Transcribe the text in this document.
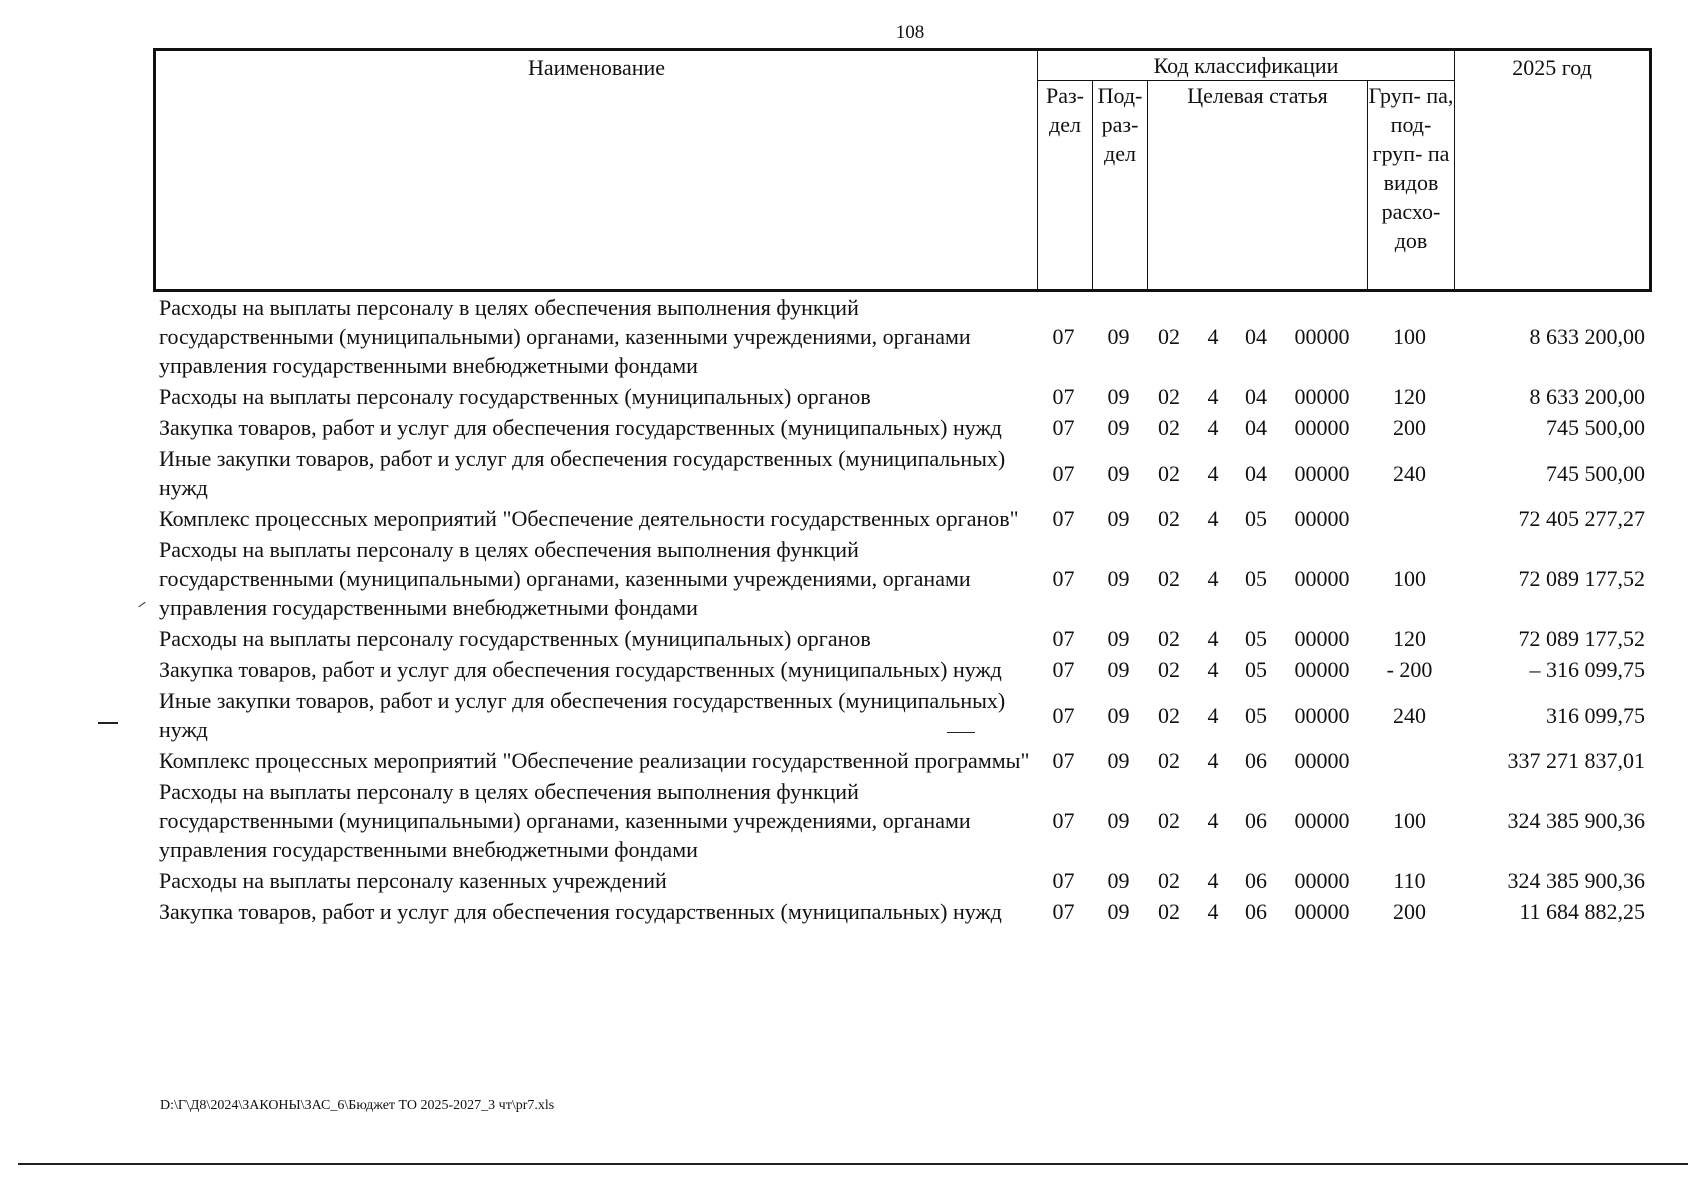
108
Наименование	Код классификации				2025 год
	Раз- дел	Под- раз- дел	Целевая статья	Груп- па, под- груп- па видов расхо- дов	
Расходы на выплаты персоналу в целях обеспечения выполнения функций государственными (муниципальными) органами, казенными учреждениями, органами управления государственными внебюджетными фондами	07	09	02	4	04	00000	100	8 633 200,00
Расходы на выплаты персоналу государственных (муниципальных) органов	07	09	02	4	04	00000	120	8 633 200,00
Закупка товаров, работ и услуг для обеспечения государственных (муниципальных) нужд	07	09	02	4	04	00000	200	745 500,00
Иные закупки товаров, работ и услуг для обеспечения государственных (муниципальных) нужд	07	09	02	4	04	00000	240	745 500,00
Комплекс процессных мероприятий "Обеспечение деятельности государственных органов"	07	09	02	4	05	00000		72 405 277,27
Расходы на выплаты персоналу в целях обеспечения выполнения функций государственными (муниципальными) органами, казенными учреждениями, органами управления государственными внебюджетными фондами	07	09	02	4	05	00000	100	72 089 177,52
Расходы на выплаты персоналу государственных (муниципальных) органов	07	09	02	4	05	00000	120	72 089 177,52
Закупка товаров, работ и услуг для обеспечения государственных (муниципальных) нужд	07	09	02	4	05	00000	- 200	– 316 099,75
Иные закупки товаров, работ и услуг для обеспечения государственных (муниципальных) нужд	07	09	02	4	05	00000	240	316 099,75
Комплекс процессных мероприятий "Обеспечение реализации государственной программы"	07	09	02	4	06	00000		337 271 837,01
Расходы на выплаты персоналу в целях обеспечения выполнения функций государственными (муниципальными) органами, казенными учреждениями, органами управления государственными внебюджетными фондами	07	09	02	4	06	00000	100	324 385 900,36
Расходы на выплаты персоналу казенных учреждений	07	09	02	4	06	00000	110	324 385 900,36
Закупка товаров, работ и услуг для обеспечения государственных (муниципальных) нужд	07	09	02	4	06	00000	200	11 684 882,25
D:\Г\Д8\2024\ЗАКОНЫ\ЗАС_6\Бюджет ТО 2025-2027_3 чт\pr7.xls
